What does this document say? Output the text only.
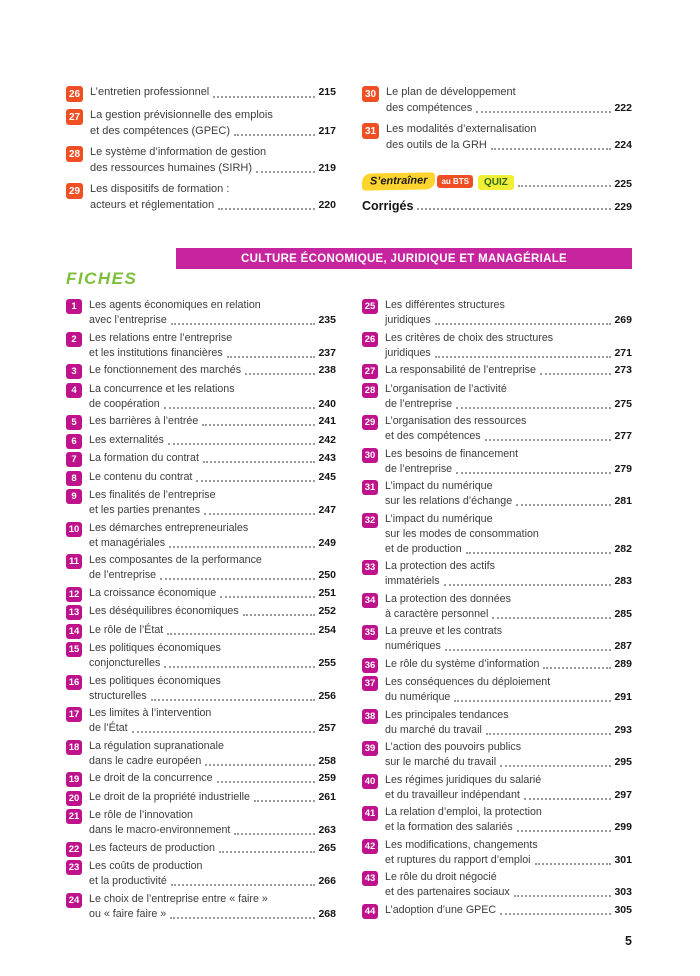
26 L’entretien professionnel	215
27 La gestion prévisionnelle des emplois
et des compétences (GPEC)	217
28 Le système d’information de gestion
des ressources humaines (SIRH)	219
29 Les dispositifs de formation :
acteurs et réglementation	220
30 Le plan de développement
des compétences	222
31 Les modalités d’externalisation
des outils de la GRH	224
S’entraîner	au BTS	QUIZ	225
Corrigés	229
CULTURE ÉCONOMIQUE, JURIDIQUE ET MANAGÉRIALE
FICHES
1	Les agents économiques en relation
avec l’entreprise	235
2	Les relations entre l’entreprise
et les institutions financières	237
3	Le fonctionnement des marchés	238
4	La concurrence et les relations
de coopération	240
5	Les barrières à l’entrée	241
6	Les externalités	242
7	La formation du contrat	243
8	Le contenu du contrat	245
9	Les finalités de l’entreprise
et les parties prenantes	247
10 Les démarches entrepreneuriales
et managériales	249
11 Les composantes de la performance
de l’entreprise	250
12 La croissance économique	251
13 Les déséquilibres économiques	252
14 Le rôle de l’État	254
15 Les politiques économiques
conjoncturelles	255
16 Les politiques économiques
structurelles	256
17 Les limites à l’intervention
de l’État	257
18 La régulation supranationale
dans le cadre européen	258
19 Le droit de la concurrence	259
20 Le droit de la propriété industrielle	261
21 Le rôle de l’innovation
dans le macro-environnement	263
22 Les facteurs de production	265
23 Les coûts de production
et la productivité	266
24 Le choix de l’entreprise entre « faire »
ou « faire faire »	268
25 Les différentes structures
juridiques	269
26 Les critères de choix des structures
juridiques	271
27 La responsabilité de l’entreprise	273
28 L’organisation de l’activité
de l’entreprise	275
29 L’organisation des ressources
et des compétences	277
30 Les besoins de financement
de l’entreprise	279
31 L’impact du numérique
sur les relations d’échange	281
32 L’impact du numérique
sur les modes de consommation
et de production	282
33 La protection des actifs
immatériels	283
34 La protection des données
à caractère personnel	285
35 La preuve et les contrats
numériques	287
36 Le rôle du système d’information	289
37 Les conséquences du déploiement
du numérique	291
38 Les principales tendances
du marché du travail	293
39 L’action des pouvoirs publics
sur le marché du travail	295
40 Les régimes juridiques du salarié
et du travailleur indépendant	297
41 La relation d’emploi, la protection
et la formation des salariés	299
42 Les modifications, changements
et ruptures du rapport d’emploi	301
43 Le rôle du droit négocié
et des partenaires sociaux	303
44 L’adoption d’une GPEC	305
5
